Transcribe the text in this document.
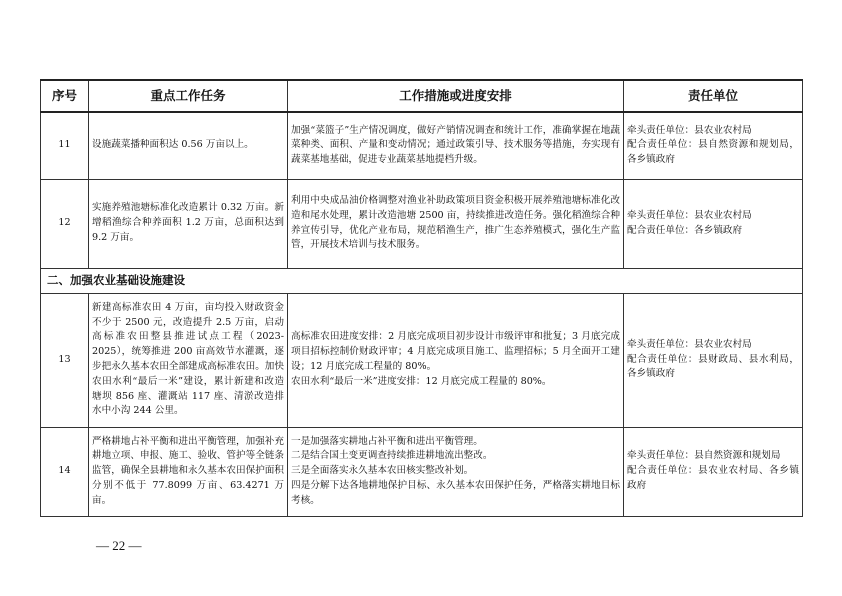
序号	重点工作任务	工作措施或进度安排	责任单位
11	设施蔬菜播种面积达 0.56 万亩以上。	加强“菜篮子”生产情况调度，做好产销情况调查和统计工作，准确掌握在地蔬菜种类、面积、产量和变动情况；通过政策引导、技术服务等措施，夯实现有蔬菜基地基础，促进专业蔬菜基地提档升级。	牵头责任单位：县农业农村局
配合责任单位：县自然资源和规划局，各乡镇政府

12	实施养殖池塘标准化改造累计 0.32 万亩。新增稻渔综合种养面积 1.2 万亩，总面积达到 9.2 万亩。	利用中央成品油价格调整对渔业补助政策项目资金积极开展养殖池塘标准化改造和尾水处理，累计改造池塘 2500 亩，持续推进改造任务。强化稻渔综合种养宣传引导，优化产业布局，规范稻渔生产，推广生态养殖模式，强化生产监管，开展技术培训与技术服务。	牵头责任单位：县农业农村局
配合责任单位：各乡镇政府

二、加强农业基础设施建设			
13	新建高标准农田 4 万亩，亩均投入财政资金不少于 2500 元，改造提升 2.5 万亩，启动高标准农田整县推进试点工程（2023-2025），统筹推进 200 亩高效节水灌溉，逐步把永久基本农田全部建成高标准农田。加快农田水利“最后一米”建设，累计新建和改造塘坝 856 座、灌溉站 117 座、清淤改造排水中小沟 244 公里。	高标准农田进度安排：2 月底完成项目初步设计市级评审和批复；3 月底完成项目招标控制价财政评审；4 月底完成项目施工、监理招标；5 月全面开工建设；12 月底完成工程量的 80%。
农田水利“最后一米”进度安排：12 月底完成工程量的 80%。	牵头责任单位：县农业农村局
配合责任单位：县财政局、县水利局，各乡镇政府

14	严格耕地占补平衡和进出平衡管理，加强补充耕地立项、申报、施工、验收、管护等全链条监管，确保全县耕地和永久基本农田保护面积分别不低于 77.8099 万亩、63.4271 万亩。	一是加强落实耕地占补平衡和进出平衡管理。
二是结合国土变更调查持续推进耕地流出整改。
三是全面落实永久基本农田核实整改补划。
四是分解下达各地耕地保护目标、永久基本农田保护任务，严格落实耕地目标考核。	牵头责任单位：县自然资源和规划局
配合责任单位：县农业农村局、各乡镇政府
— 22 —
